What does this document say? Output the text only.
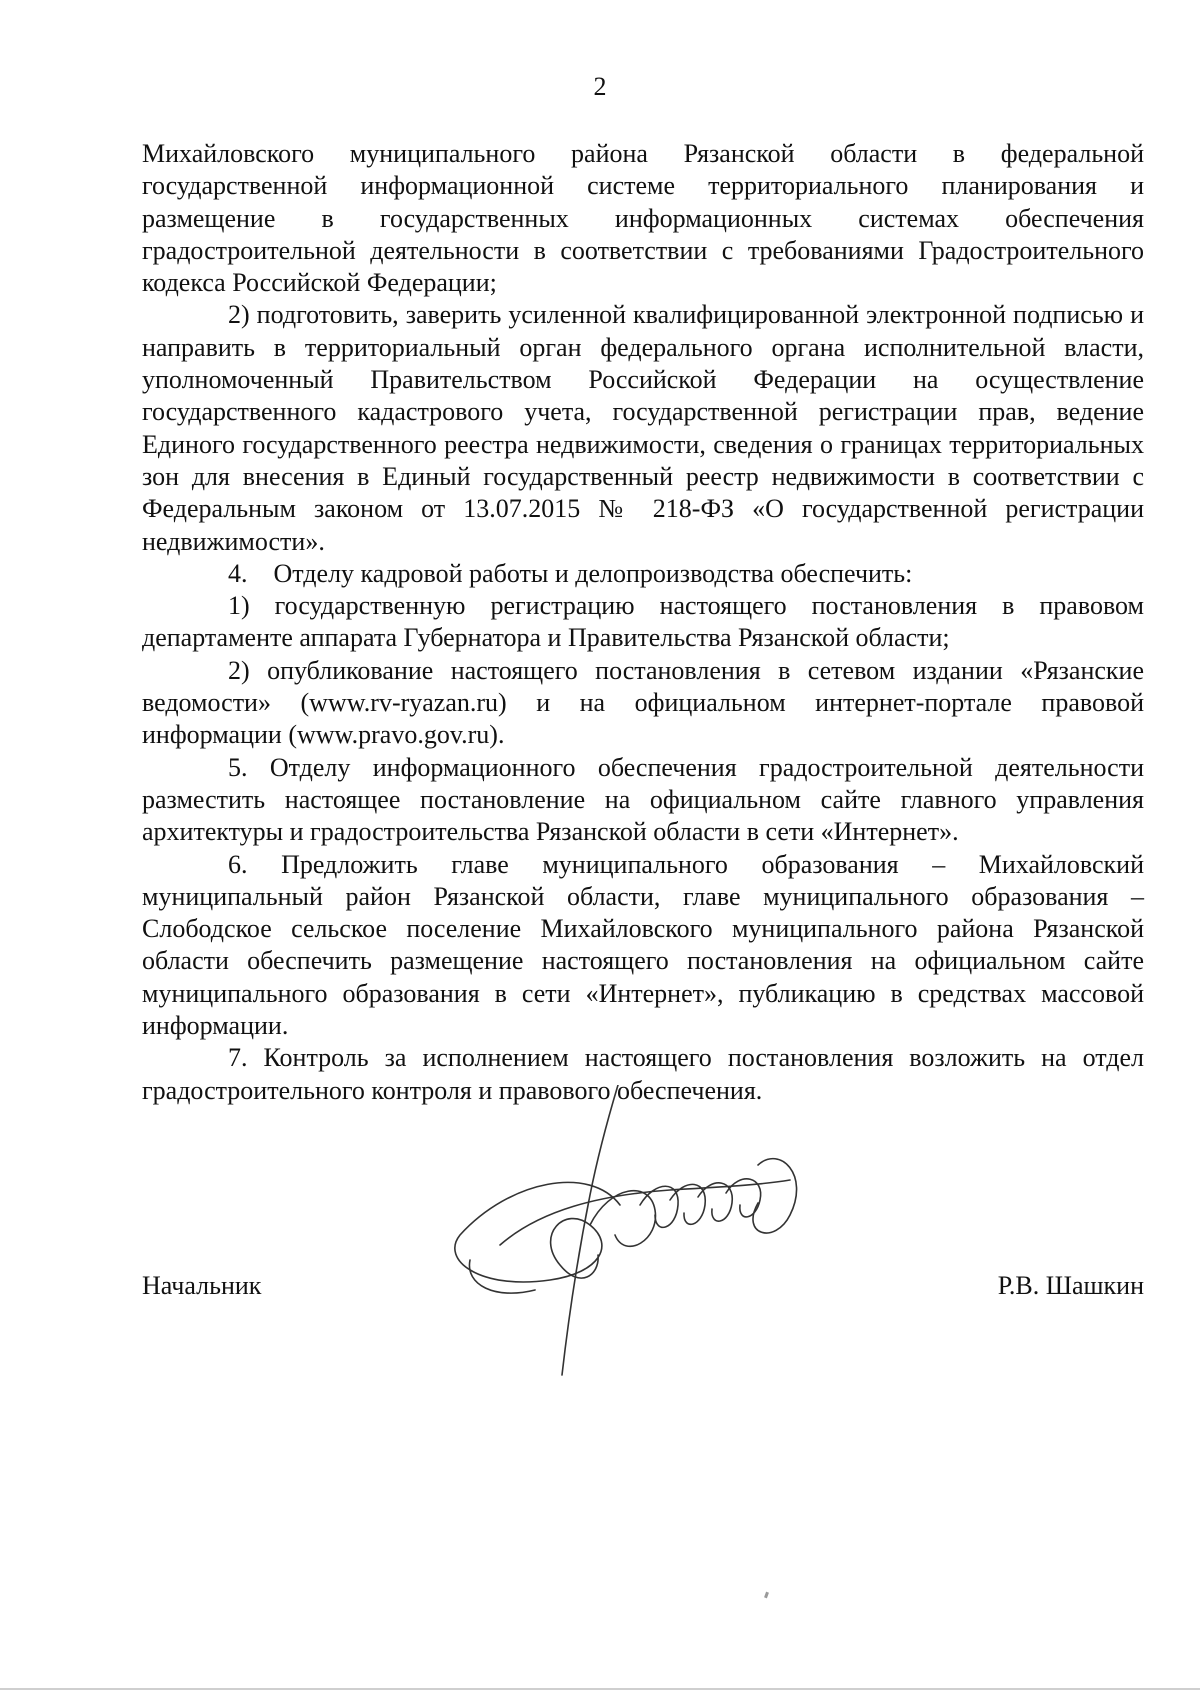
2

Михайловского муниципального района Рязанской области в федеральной государственной информационной системе территориального планирования и размещение в государственных информационных системах обеспечения градостроительной деятельности в соответствии с требованиями Градостроительного кодекса Российской Федерации;

2) подготовить, заверить усиленной квалифицированной электронной подписью и направить в территориальный орган федерального органа исполнительной власти, уполномоченный Правительством Российской Федерации на осуществление государственного кадастрового учета, государственной регистрации прав, ведение Единого государственного реестра недвижимости, сведения о границах территориальных зон для внесения в Единый государственный реестр недвижимости в соответствии с Федеральным законом от 13.07.2015 № 218-ФЗ «О государственной регистрации недвижимости».

4.    Отделу кадровой работы и делопроизводства обеспечить:

1) государственную регистрацию настоящего постановления в правовом департаменте аппарата Губернатора и Правительства Рязанской области;

2) опубликование настоящего постановления в сетевом издании «Рязанские ведомости» (www.rv-ryazan.ru) и на официальном интернет-портале правовой информации (www.pravo.gov.ru).

5. Отделу информационного обеспечения градостроительной деятельности разместить настоящее постановление на официальном сайте главного управления архитектуры и градостроительства Рязанской области в сети «Интернет».

6. Предложить главе муниципального образования – Михайловский муниципальный район Рязанской области, главе муниципального образования – Слободское сельское поселение Михайловского муниципального района Рязанской области обеспечить размещение настоящего постановления на официальном сайте муниципального образования в сети «Интернет», публикацию в средствах массовой информации.

7. Контроль за исполнением настоящего постановления возложить на отдел градостроительного контроля и правового обеспечения.

Начальник	Р.В. Шашкин
